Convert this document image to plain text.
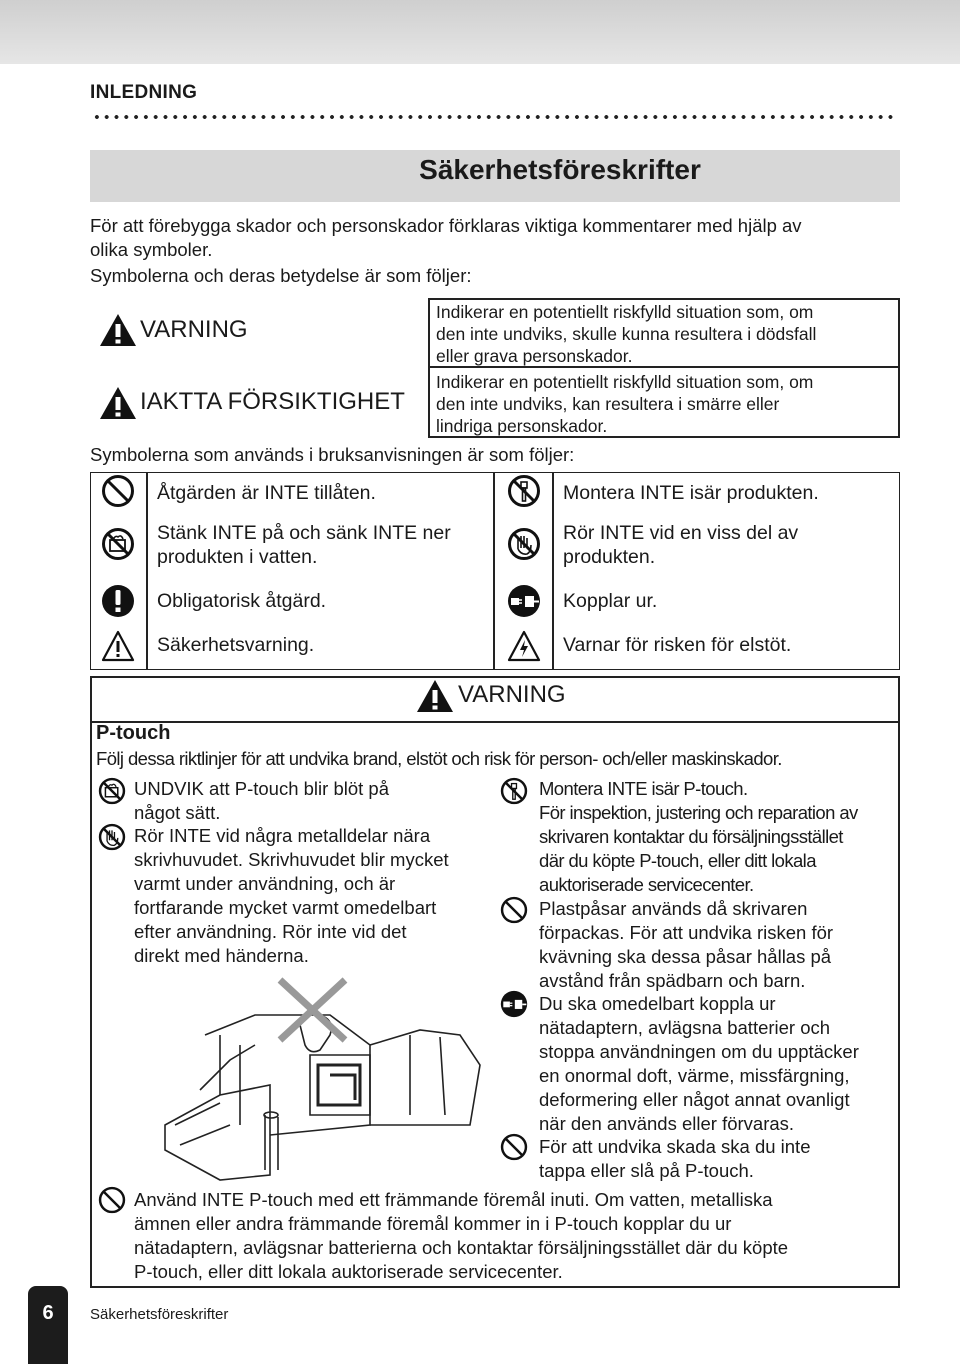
INLEDNING
Säkerhetsföreskrifter
För att förebygga skador och personskador förklaras viktiga kommentarer med hjälp av
olika symboler.
Symbolerna och deras betydelse är som följer:
VARNING
Indikerar en potentiellt riskfylld situation som, om
den inte undviks, skulle kunna resultera i dödsfall
eller grava personskador.
IAKTTA FÖRSIKTIGHET
Indikerar en potentiellt riskfylld situation som, om
den inte undviks, kan resultera i smärre eller
lindriga personskador.
Symbolerna som används i bruksanvisningen är som följer:
Åtgärden är INTE tillåten.
Stänk INTE på och sänk INTE ner
produkten i vatten.
Obligatorisk åtgärd.
Säkerhetsvarning.
Montera INTE isär produkten.
Rör INTE vid en viss del av
produkten.
Kopplar ur.
Varnar för risken för elstöt.
VARNING
P-touch
Följ dessa riktlinjer för att undvika brand, elstöt och risk för person- och/eller maskinskador.
UNDVIK att P-touch blir blöt på
något sätt.
Rör INTE vid några metalldelar nära
skrivhuvudet. Skrivhuvudet blir mycket
varmt under användning, och är
fortfarande mycket varmt omedelbart
efter användning. Rör inte vid det
direkt med händerna.
Montera INTE isär P-touch.
För inspektion, justering och reparation av
skrivaren kontaktar du försäljningsstället
där du köpte P-touch, eller ditt lokala
auktoriserade servicecenter.
Plastpåsar används då skrivaren
förpackas. För att undvika risken för
kvävning ska dessa påsar hållas på
avstånd från spädbarn och barn.
Du ska omedelbart koppla ur
nätadaptern, avlägsna batterier och
stoppa användningen om du upptäcker
en onormal doft, värme, missfärgning,
deformering eller något annat ovanligt
när den används eller förvaras.
För att undvika skada ska du inte
tappa eller slå på P-touch.
Använd INTE P-touch med ett främmande föremål inuti. Om vatten, metalliska
ämnen eller andra främmande föremål kommer in i P-touch kopplar du ur
nätadaptern, avlägsnar batterierna och kontaktar försäljningsstället där du köpte
P-touch, eller ditt lokala auktoriserade servicecenter.
6	Säkerhetsföreskrifter
